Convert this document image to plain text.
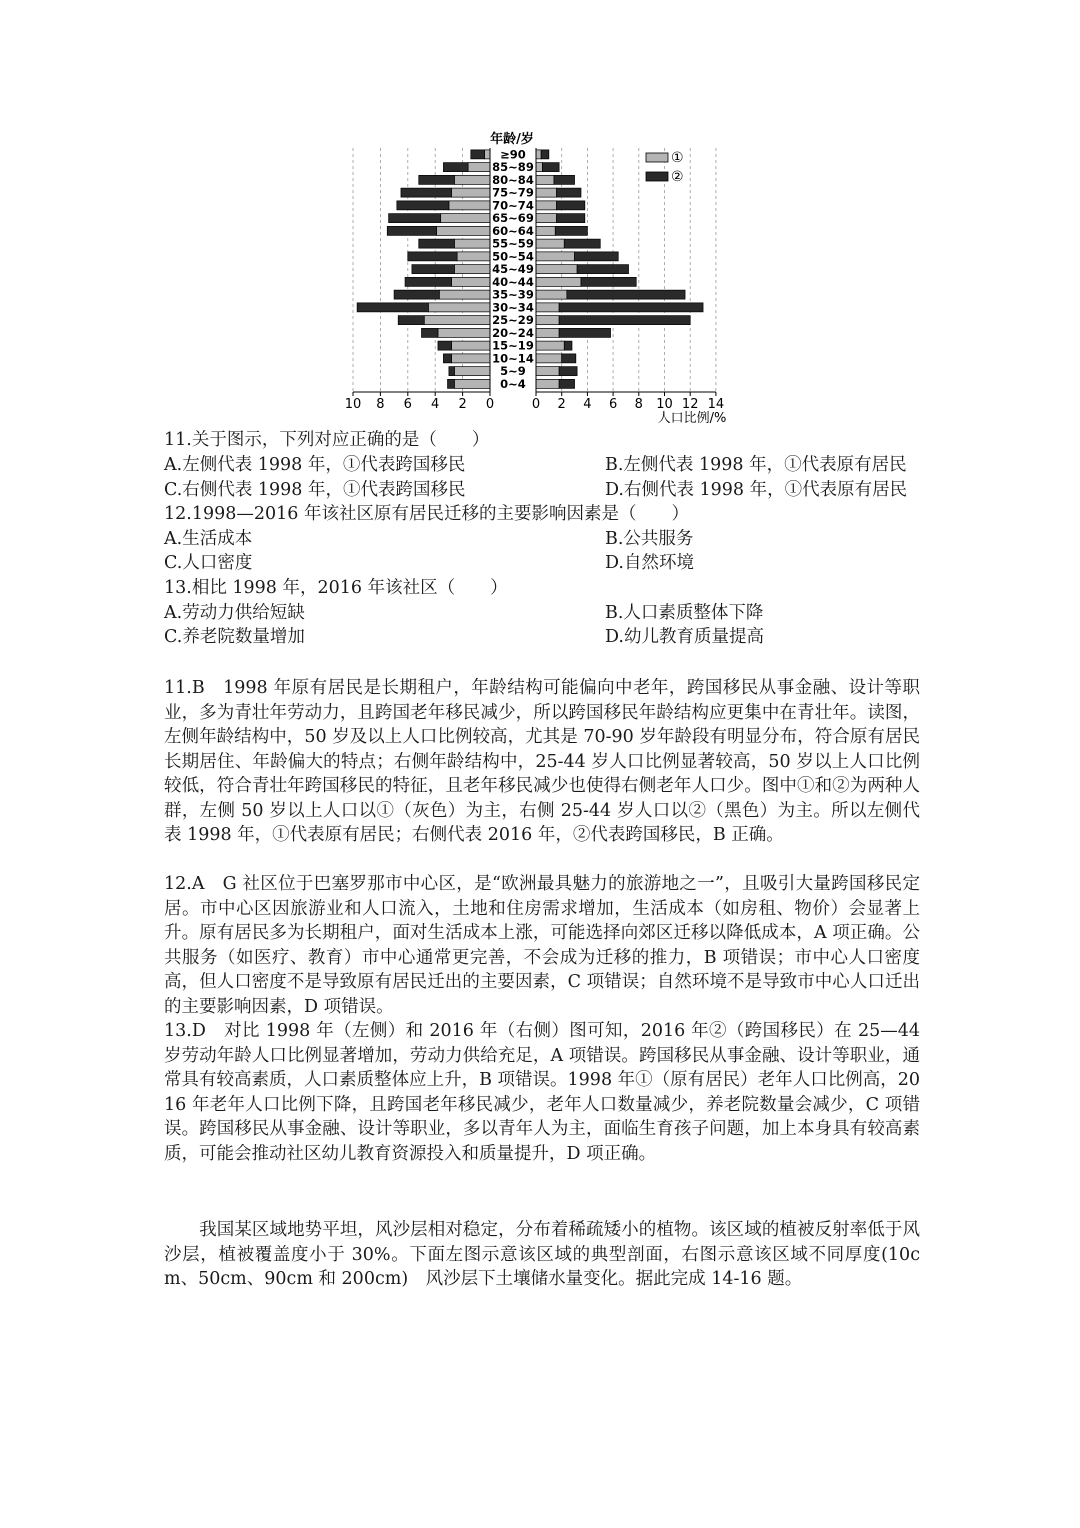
≥90
85~89
80~84
75~79
70~74
65~69
60~64
55~59
50~54
45~49
40~44
35~39
30~34
25~29
20~24
15~19
10~14
5~9
0~4
10 8 6 4 2 0	0 2 4 6 8 10 12 14
年龄/岁
人口比例/%
①
②
11.关于图示，下列对应正确的是（　　）
A.左侧代表 1998 年，①代表跨国移民	B.左侧代表 1998 年，①代表原有居民
C.右侧代表 1998 年，①代表跨国移民	D.右侧代表 1998 年，①代表原有居民
12.1998—2016 年该社区原有居民迁移的主要影响因素是（　　）
A.生活成本	B.公共服务
C.人口密度	D.自然环境
13.相比 1998 年，2016 年该社区（　　）
A.劳动力供给短缺	B.人口素质整体下降
C.养老院数量增加	D.幼儿教育质量提高
11.B　1998 年原有居民是长期租户，年龄结构可能偏向中老年，跨国移民从事金融、设计等职业，多为青壮年劳动力，且跨国老年移民减少，所以跨国移民年龄结构应更集中在青壮年。读图，左侧年龄结构中，50 岁及以上人口比例较高，尤其是 70-90 岁年龄段有明显分布，符合原有居民长期居住、年龄偏大的特点；右侧年龄结构中，25-44 岁人口比例显著较高，50 岁以上人口比例较低，符合青壮年跨国移民的特征，且老年移民减少也使得右侧老年人口少。图中①和②为两种人群，左侧 50 岁以上人口以①（灰色）为主，右侧 25-44 岁人口以②（黑色）为主。所以左侧代表 1998 年，①代表原有居民；右侧代表 2016 年，②代表跨国移民，B 正确。
12.A　G 社区位于巴塞罗那市中心区，是“欧洲最具魅力的旅游地之一”，且吸引大量跨国移民定居。市中心区因旅游业和人口流入，土地和住房需求增加，生活成本（如房租、物价）会显著上升。原有居民多为长期租户，面对生活成本上涨，可能选择向郊区迁移以降低成本，A 项正确。公共服务（如医疗、教育）市中心通常更完善，不会成为迁移的推力，B 项错误；市中心人口密度高，但人口密度不是导致原有居民迁出的主要因素，C 项错误；自然环境不是导致市中心人口迁出的主要影响因素，D 项错误。
13.D　对比 1998 年（左侧）和 2016 年（右侧）图可知，2016 年②（跨国移民）在 25—44 岁劳动年龄人口比例显著增加，劳动力供给充足，A 项错误。跨国移民从事金融、设计等职业，通常具有较高素质，人口素质整体应上升，B 项错误。1998 年①（原有居民）老年人口比例高，2016 年老年人口比例下降，且跨国老年移民减少，老年人口数量减少，养老院数量会减少，C 项错误。跨国移民从事金融、设计等职业，多以青年人为主，面临生育孩子问题，加上本身具有较高素质，可能会推动社区幼儿教育资源投入和质量提升，D 项正确。
　　我国某区域地势平坦，风沙层相对稳定，分布着稀疏矮小的植物。该区域的植被反射率低于风沙层，植被覆盖度小于 30%。下面左图示意该区域的典型剖面，右图示意该区域不同厚度(10cm、50cm、90cm 和 200cm)　风沙层下土壤储水量变化。据此完成 14-16 题。
